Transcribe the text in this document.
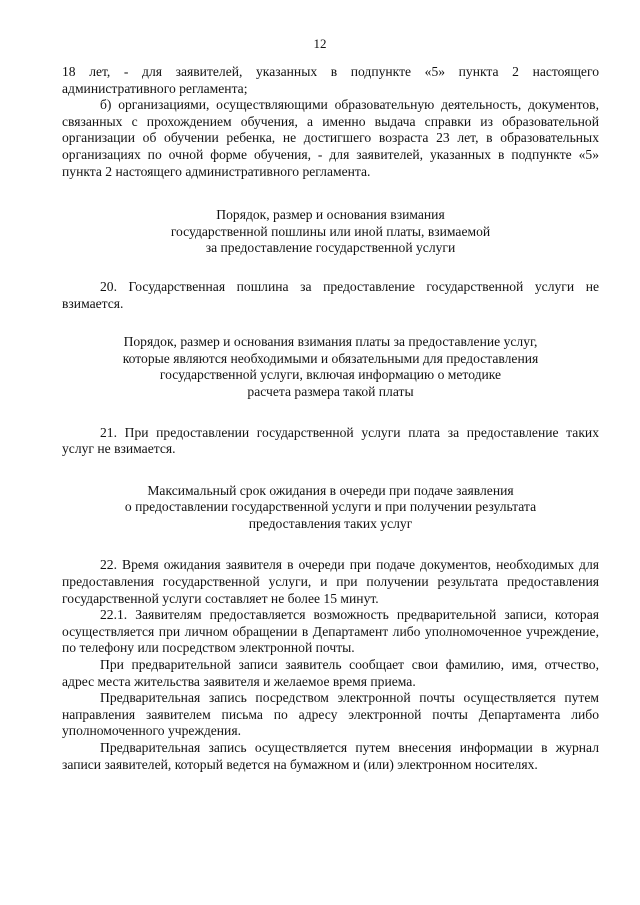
12

18 лет, - для заявителей, указанных в подпункте «5» пункта 2 настоящего административного регламента;

б) организациями, осуществляющими образовательную деятельность, документов, связанных с прохождением обучения, а именно выдача справки из образовательной организации об обучении ребенка, не достигшего возраста 23 лет, в образовательных организациях по очной форме обучения, - для заявителей, указанных в подпункте «5» пункта 2 настоящего административного регламента.

Порядок, размер и основания взимания
государственной пошлины или иной платы, взимаемой
за предоставление государственной услуги

20. Государственная пошлина за предоставление государственной услуги не взимается.

Порядок, размер и основания взимания платы за предоставление услуг,
которые являются необходимыми и обязательными для предоставления
государственной услуги, включая информацию о методике
расчета размера такой платы

21. При предоставлении государственной услуги плата за предоставление таких услуг не взимается.

Максимальный срок ожидания в очереди при подаче заявления
о предоставлении государственной услуги и при получении результата
предоставления таких услуг

22. Время ожидания заявителя в очереди при подаче документов, необходимых для предоставления государственной услуги, и при получении результата предоставления государственной услуги составляет не более 15 минут.

22.1. Заявителям предоставляется возможность предварительной записи, которая осуществляется при личном обращении в Департамент либо уполномоченное учреждение, по телефону или посредством электронной почты.

При предварительной записи заявитель сообщает свои фамилию, имя, отчество, адрес места жительства заявителя и желаемое время приема.

Предварительная запись посредством электронной почты осуществляется путем направления заявителем письма по адресу электронной почты Департамента либо уполномоченного учреждения.

Предварительная запись осуществляется путем внесения информации в журнал записи заявителей, который ведется на бумажном и (или) электронном носителях.
